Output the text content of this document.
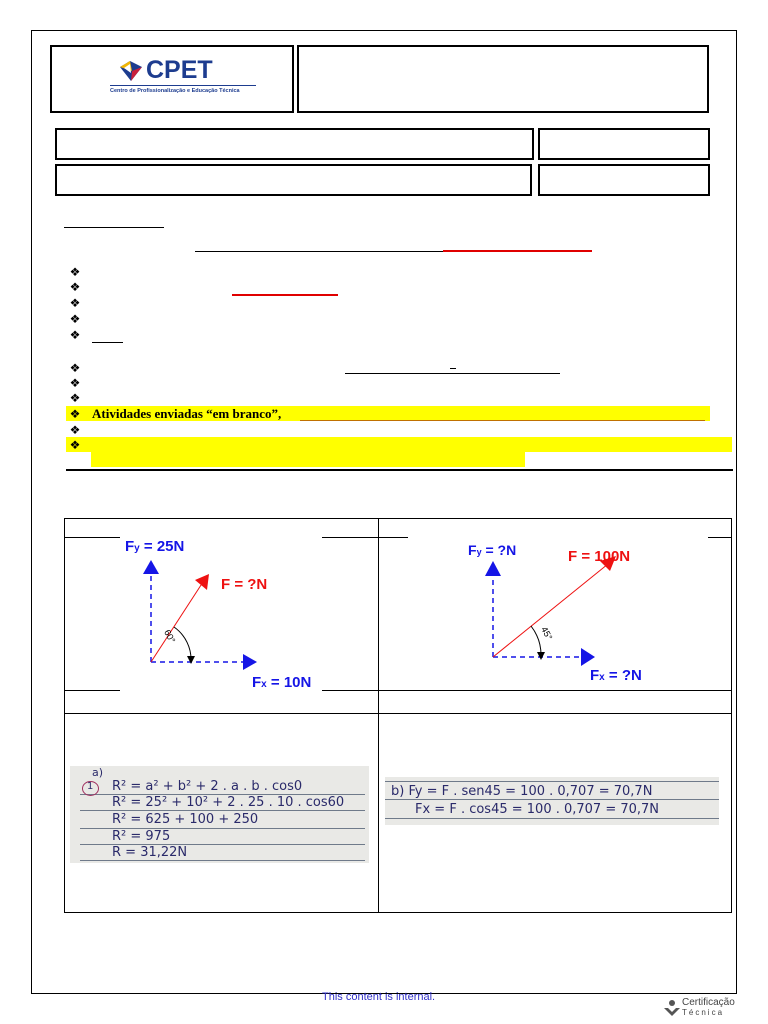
CPET
Centro de Profissionalização e Educação Técnica
❖
❖
❖
❖
❖
❖
❖
❖
❖ Atividades enviadas “em branco”,
❖
❖
Fy = 25N
F = ?N
60°
Fx = 10N
Fy = ?N	F = 100N
45°
Fx = ?N
a)
1 R² = a² + b² + 2 . a . b . cos0
R² = 25² + 10² + 2 . 25 . 10 . cos60
R² = 625 + 100 + 250
R² = 975
R = 31,22N
b) Fy = F . sen45 = 100 . 0,707 = 70,7N
Fx = F . cos45 = 100 . 0,707 = 70,7N
This content is internal.	Certificação
Técnica
